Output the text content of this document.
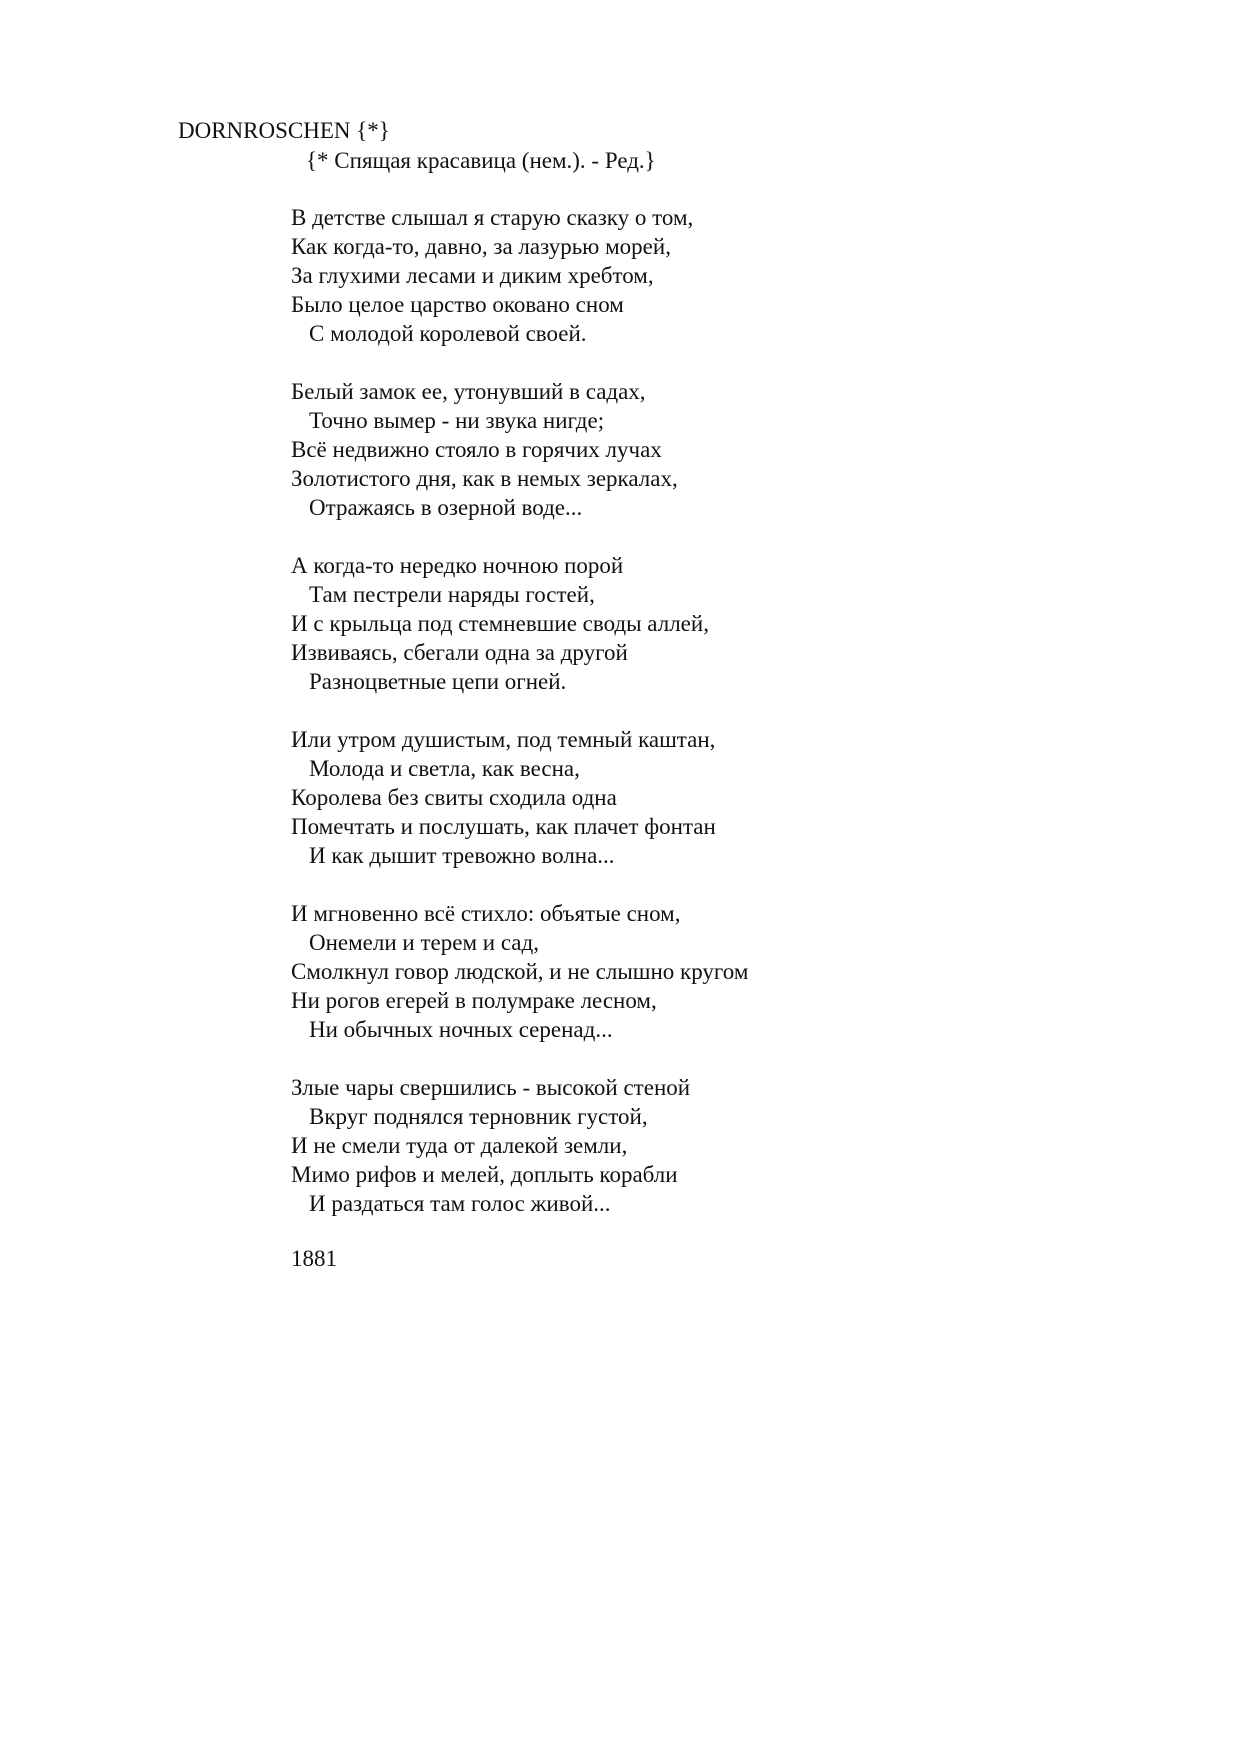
DORNROSCHEN {*}
{* Спящая красавица (нем.). - Ред.}
В детстве слышал я старую сказку о том,
Как когда-то, давно, за лазурью морей,
За глухими лесами и диким хребтом,
Было целое царство оковано сном
С молодой королевой своей.
Белый замок ее, утонувший в садах,
Точно вымер - ни звука нигде;
Всё недвижно стояло в горячих лучах
Золотистого дня, как в немых зеркалах,
Отражаясь в озерной воде...
А когда-то нередко ночною порой
Там пестрели наряды гостей,
И с крыльца под стемневшие своды аллей,
Извиваясь, сбегали одна за другой
Разноцветные цепи огней.
Или утром душистым, под темный каштан,
Молода и светла, как весна,
Королева без свиты сходила одна
Помечтать и послушать, как плачет фонтан
И как дышит тревожно волна...
И мгновенно всё стихло: объятые сном,
Онемели и терем и сад,
Смолкнул говор людской, и не слышно кругом
Ни рогов егерей в полумраке лесном,
Ни обычных ночных серенад...
Злые чары свершились - высокой стеной
Вкруг поднялся терновник густой,
И не смели туда от далекой земли,
Мимо рифов и мелей, доплыть корабли
И раздаться там голос живой...
1881
